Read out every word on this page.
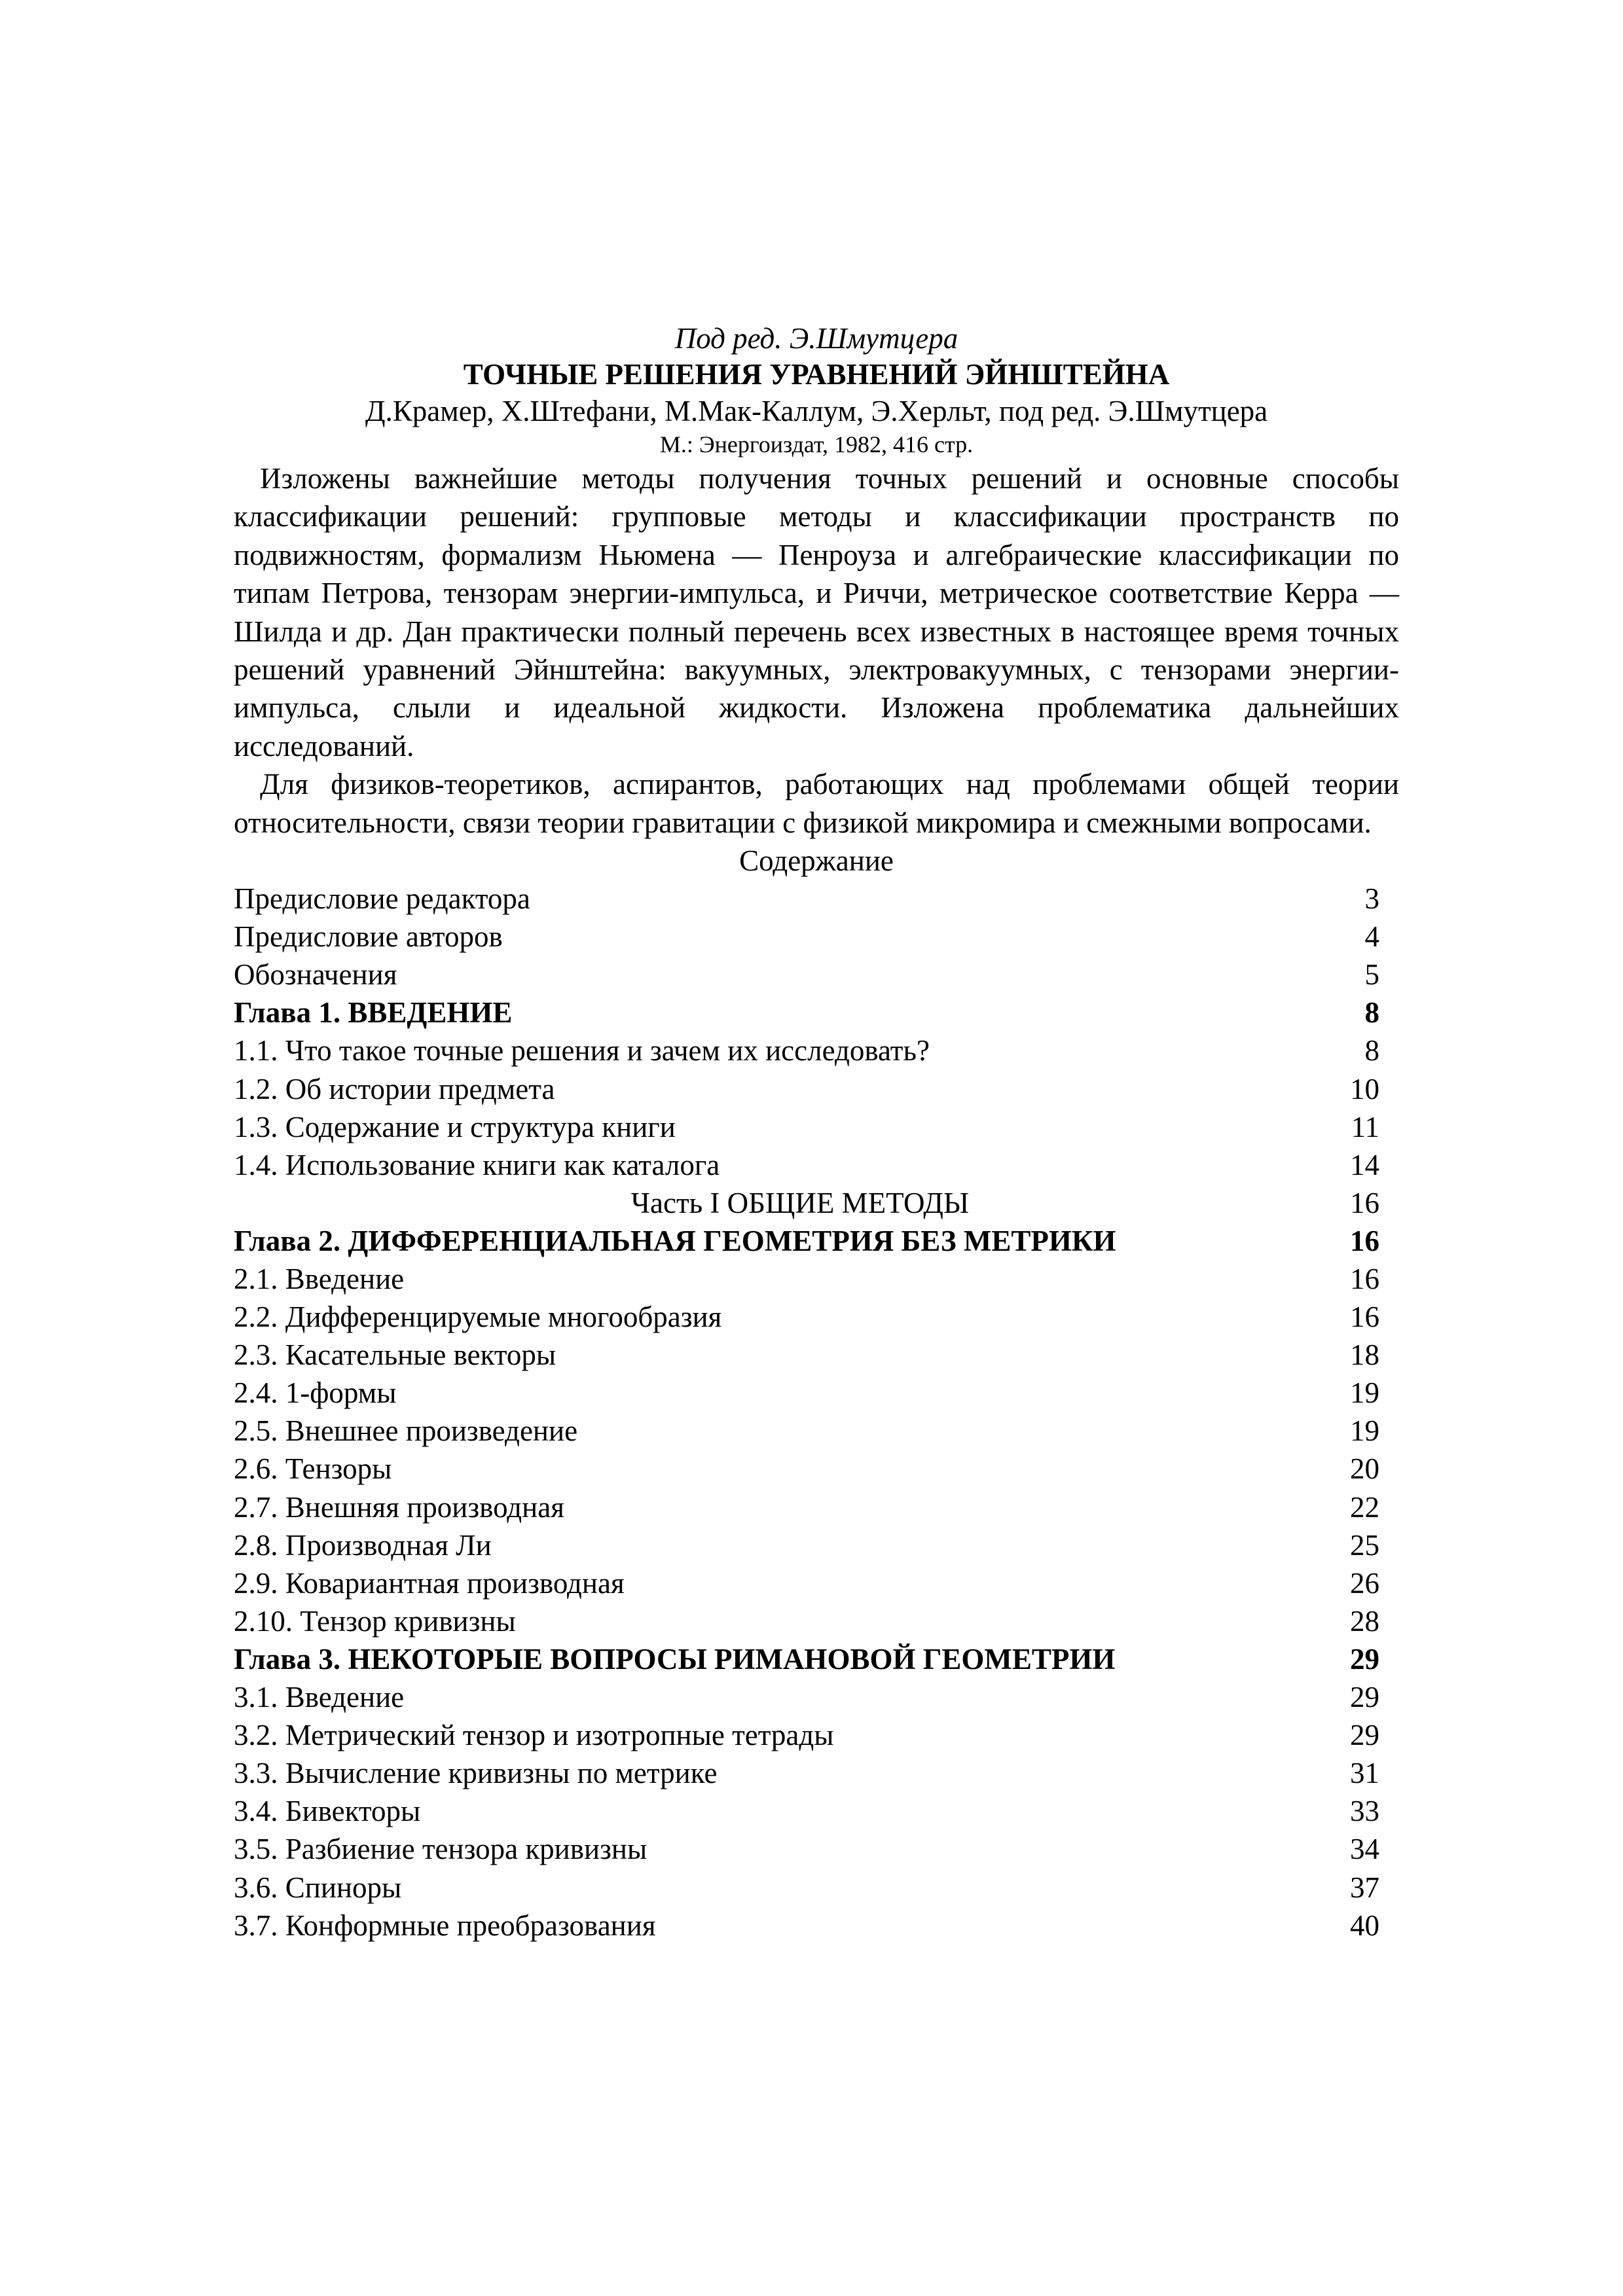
Под ред. Э.Шмутцера
ТОЧНЫЕ РЕШЕНИЯ УРАВНЕНИЙ ЭЙНШТЕЙНА
Д.Крамер, Х.Штефани, М.Мак-Каллум, Э.Херльт, под ред. Э.Шмутцера
М.: Энергоиздат, 1982, 416 стр.

Изложены важнейшие методы получения точных решений и основные способы классификации решений: групповые методы и классификации пространств по подвижностям, формализм Ньюмена — Пенроуза и алгебраические классификации по типам Петрова, тензорам энергии-импульса, и Риччи, метрическое соответствие Керра — Шилда и др. Дан практически полный перечень всех известных в настоящее время точных решений уравнений Эйнштейна: вакуумных, электровакуумных, с тензорами энергии-импульса, слыли и идеальной жидкости. Изложена проблематика дальнейших исследований.

Для физиков-теоретиков, аспирантов, работающих над проблемами общей теории относительности, связи теории гравитации с физикой микромира и смежными вопросами.

Содержание
Предисловие редактора	3
Предисловие авторов	4
Обозначения	5
Глава 1. ВВЕДЕНИЕ	8
1.1. Что такое точные решения и зачем их исследовать?	8
1.2. Об истории предмета	10
1.3. Содержание и структура книги	11
1.4. Использование книги как каталога	14
Часть I ОБЩИЕ МЕТОДЫ	16
Глава 2. ДИФФЕРЕНЦИАЛЬНАЯ ГЕОМЕТРИЯ БЕЗ МЕТРИКИ	16
2.1. Введение	16
2.2. Дифференцируемые многообразия	16
2.3. Касательные векторы	18
2.4. 1-формы	19
2.5. Внешнее произведение	19
2.6. Тензоры	20
2.7. Внешняя производная	22
2.8. Производная Ли	25
2.9. Ковариантная производная	26
2.10. Тензор кривизны	28
Глава 3. НЕКОТОРЫЕ ВОПРОСЫ РИМАНОВОЙ ГЕОМЕТРИИ	29
3.1. Введение	29
3.2. Метрический тензор и изотропные тетрады	29
3.3. Вычисление кривизны по метрике	31
3.4. Бивекторы	33
3.5. Разбиение тензора кривизны	34
3.6. Спиноры	37
3.7. Конформные преобразования	40
